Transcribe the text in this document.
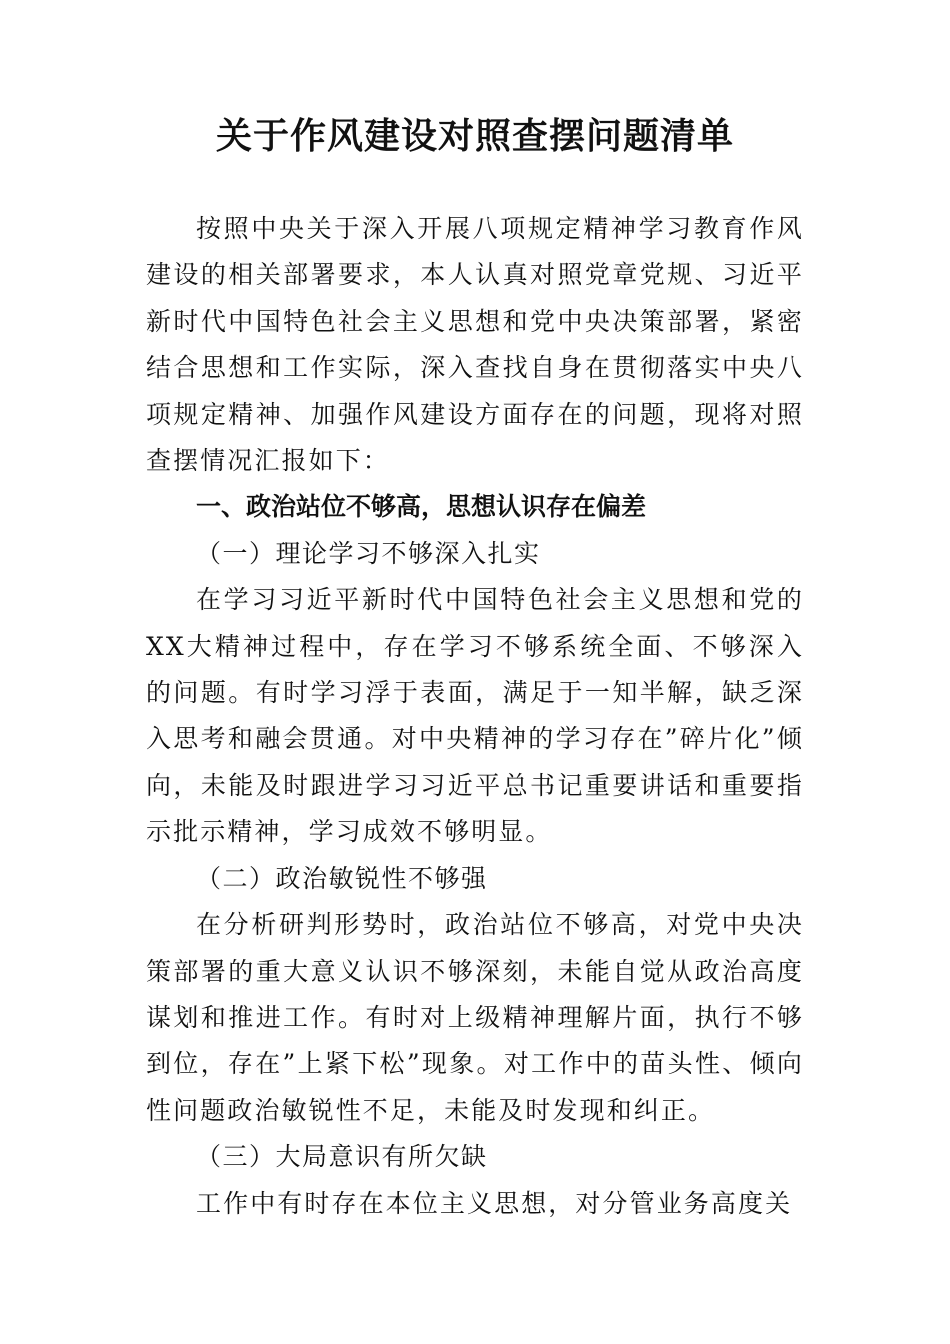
关于作风建设对照查摆问题清单

按照中央关于深入开展八项规定精神学习教育作风建设的相关部署要求，本人认真对照党章党规、习近平新时代中国特色社会主义思想和党中央决策部署，紧密结合思想和工作实际，深入查找自身在贯彻落实中央八项规定精神、加强作风建设方面存在的问题，现将对照查摆情况汇报如下：

一、政治站位不够高，思想认识存在偏差

（一）理论学习不够深入扎实

在学习习近平新时代中国特色社会主义思想和党的XX大精神过程中，存在学习不够系统全面、不够深入的问题。有时学习浮于表面，满足于一知半解，缺乏深入思考和融会贯通。对中央精神的学习存在”碎片化”倾向，未能及时跟进学习习近平总书记重要讲话和重要指示批示精神，学习成效不够明显。

（二）政治敏锐性不够强

在分析研判形势时，政治站位不够高，对党中央决策部署的重大意义认识不够深刻，未能自觉从政治高度谋划和推进工作。有时对上级精神理解片面，执行不够到位，存在”上紧下松”现象。对工作中的苗头性、倾向性问题政治敏锐性不足，未能及时发现和纠正。

（三）大局意识有所欠缺

工作中有时存在本位主义思想，对分管业务高度关
